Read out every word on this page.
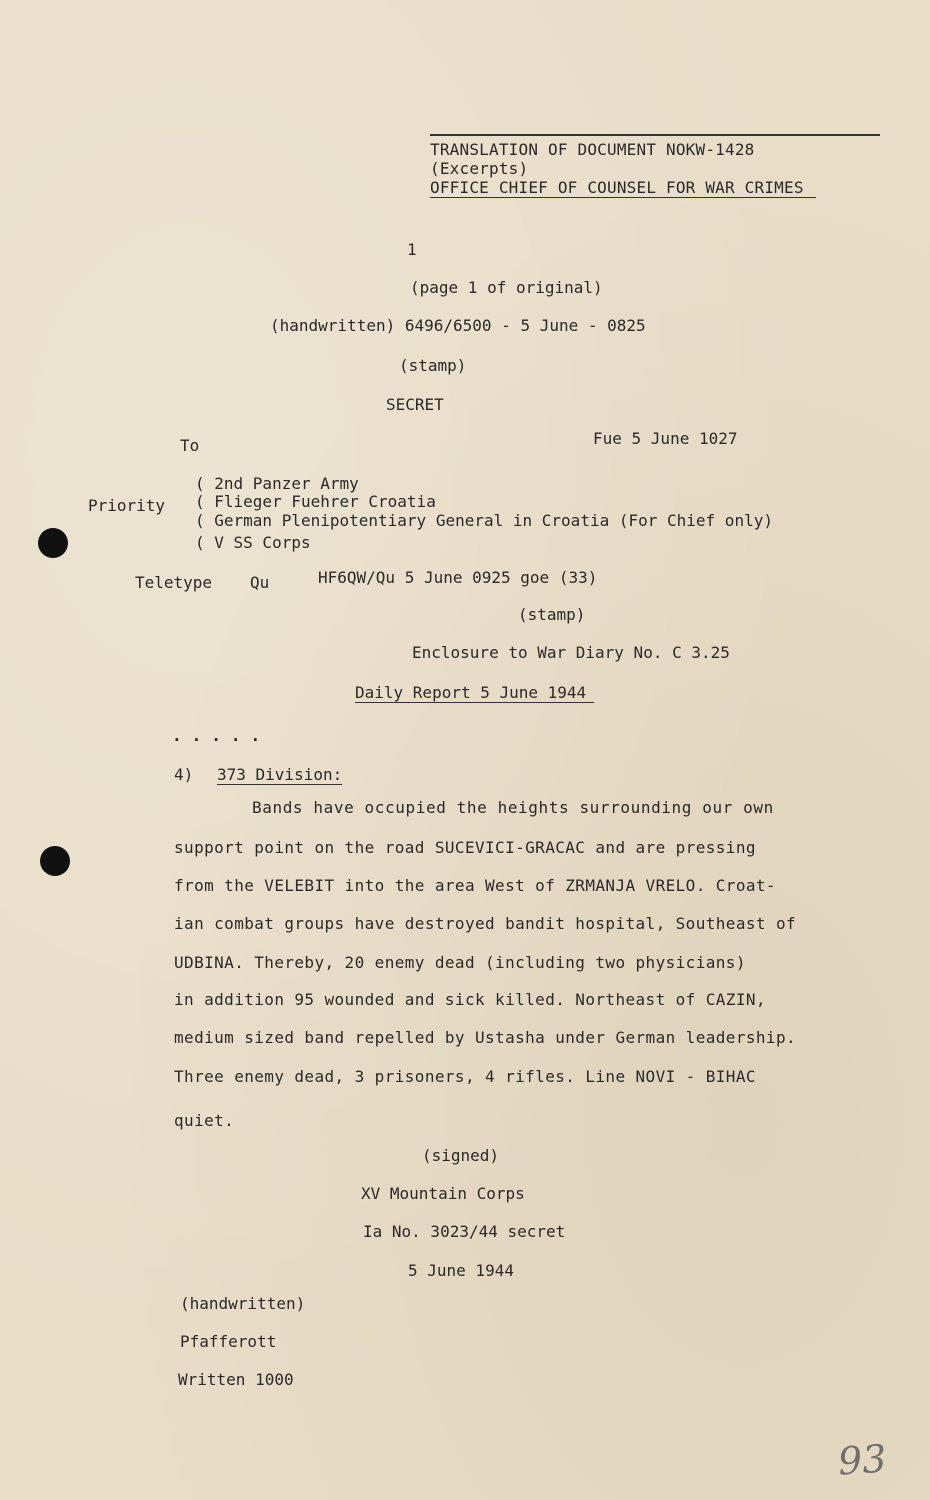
TRANSLATION OF DOCUMENT NOKW-1428
(Excerpts)
OFFICE CHIEF OF COUNSEL FOR WAR CRIMES
1
(page 1 of original)
(handwritten) 6496/6500 - 5 June - 0825
(stamp)
SECRET
To	Fue 5 June 1027
Priority
( 2nd Panzer Army
( Flieger Fuehrer Croatia
( German Plenipotentiary General in Croatia (For Chief only)
( V SS Corps
Teletype Qu	HF6QW/Qu 5 June 0925 goe (33)
(stamp)
Enclosure to War Diary No. C 3.25
Daily Report 5 June 1944
.....
4) 373 Division:
Bands have occupied the heights surrounding our own
support point on the road SUCEVICI-GRACAC and are pressing
from the VELEBIT into the area West of ZRMANJA VRELO. Croat-
ian combat groups have destroyed bandit hospital, Southeast of
UDBINA. Thereby, 20 enemy dead (including two physicians)
in addition 95 wounded and sick killed. Northeast of CAZIN,
medium sized band repelled by Ustasha under German leadership.
Three enemy dead, 3 prisoners, 4 rifles. Line NOVI - BIHAC
quiet.
(signed)
XV Mountain Corps
Ia No. 3023/44 secret
5 June 1944
(handwritten)
Pfafferott
Written 1000
93
